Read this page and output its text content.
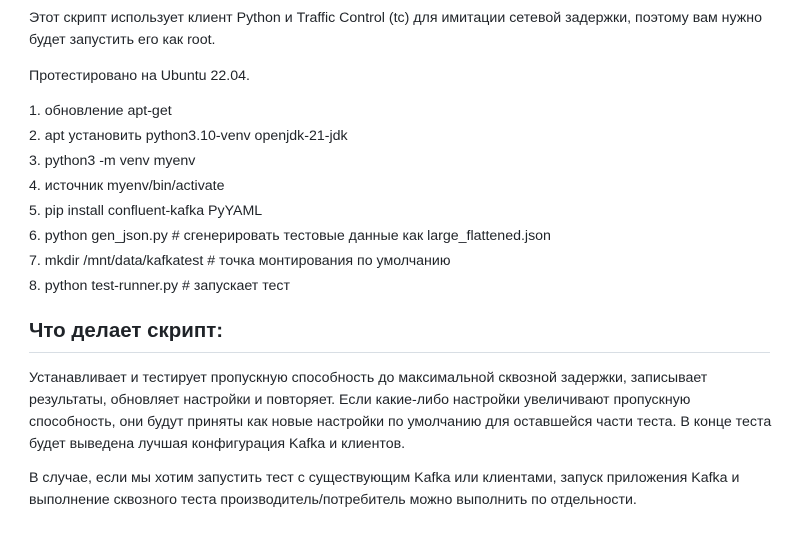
Этот скрипт использует клиент Python и Traffic Control (tc) для имитации сетевой задержки, поэтому вам нужно
будет запустить его как root.

Протестировано на Ubuntu 22.04.

1. обновление apt-get
2. apt установить python3.10-venv openjdk-21-jdk
3. python3 -m venv myenv
4. источник myenv/bin/activate
5. pip install confluent-kafka PyYAML
6. python gen_json.py # сгенерировать тестовые данные как large_flattened.json
7. mkdir /mnt/data/kafkatest # точка монтирования по умолчанию
8. python test-runner.py # запускает тест
Что делает скрипт:

Устанавливает и тестирует пропускную способность до максимальной сквозной задержки, записывает
результаты, обновляет настройки и повторяет. Если какие-либо настройки увеличивают пропускную
способность, они будут приняты как новые настройки по умолчанию для оставшейся части теста. В конце теста
будет выведена лучшая конфигурация Kafka и клиентов.

В случае, если мы хотим запустить тест с существующим Kafka или клиентами, запуск приложения Kafka и
выполнение сквозного теста производитель/потребитель можно выполнить по отдельности.
